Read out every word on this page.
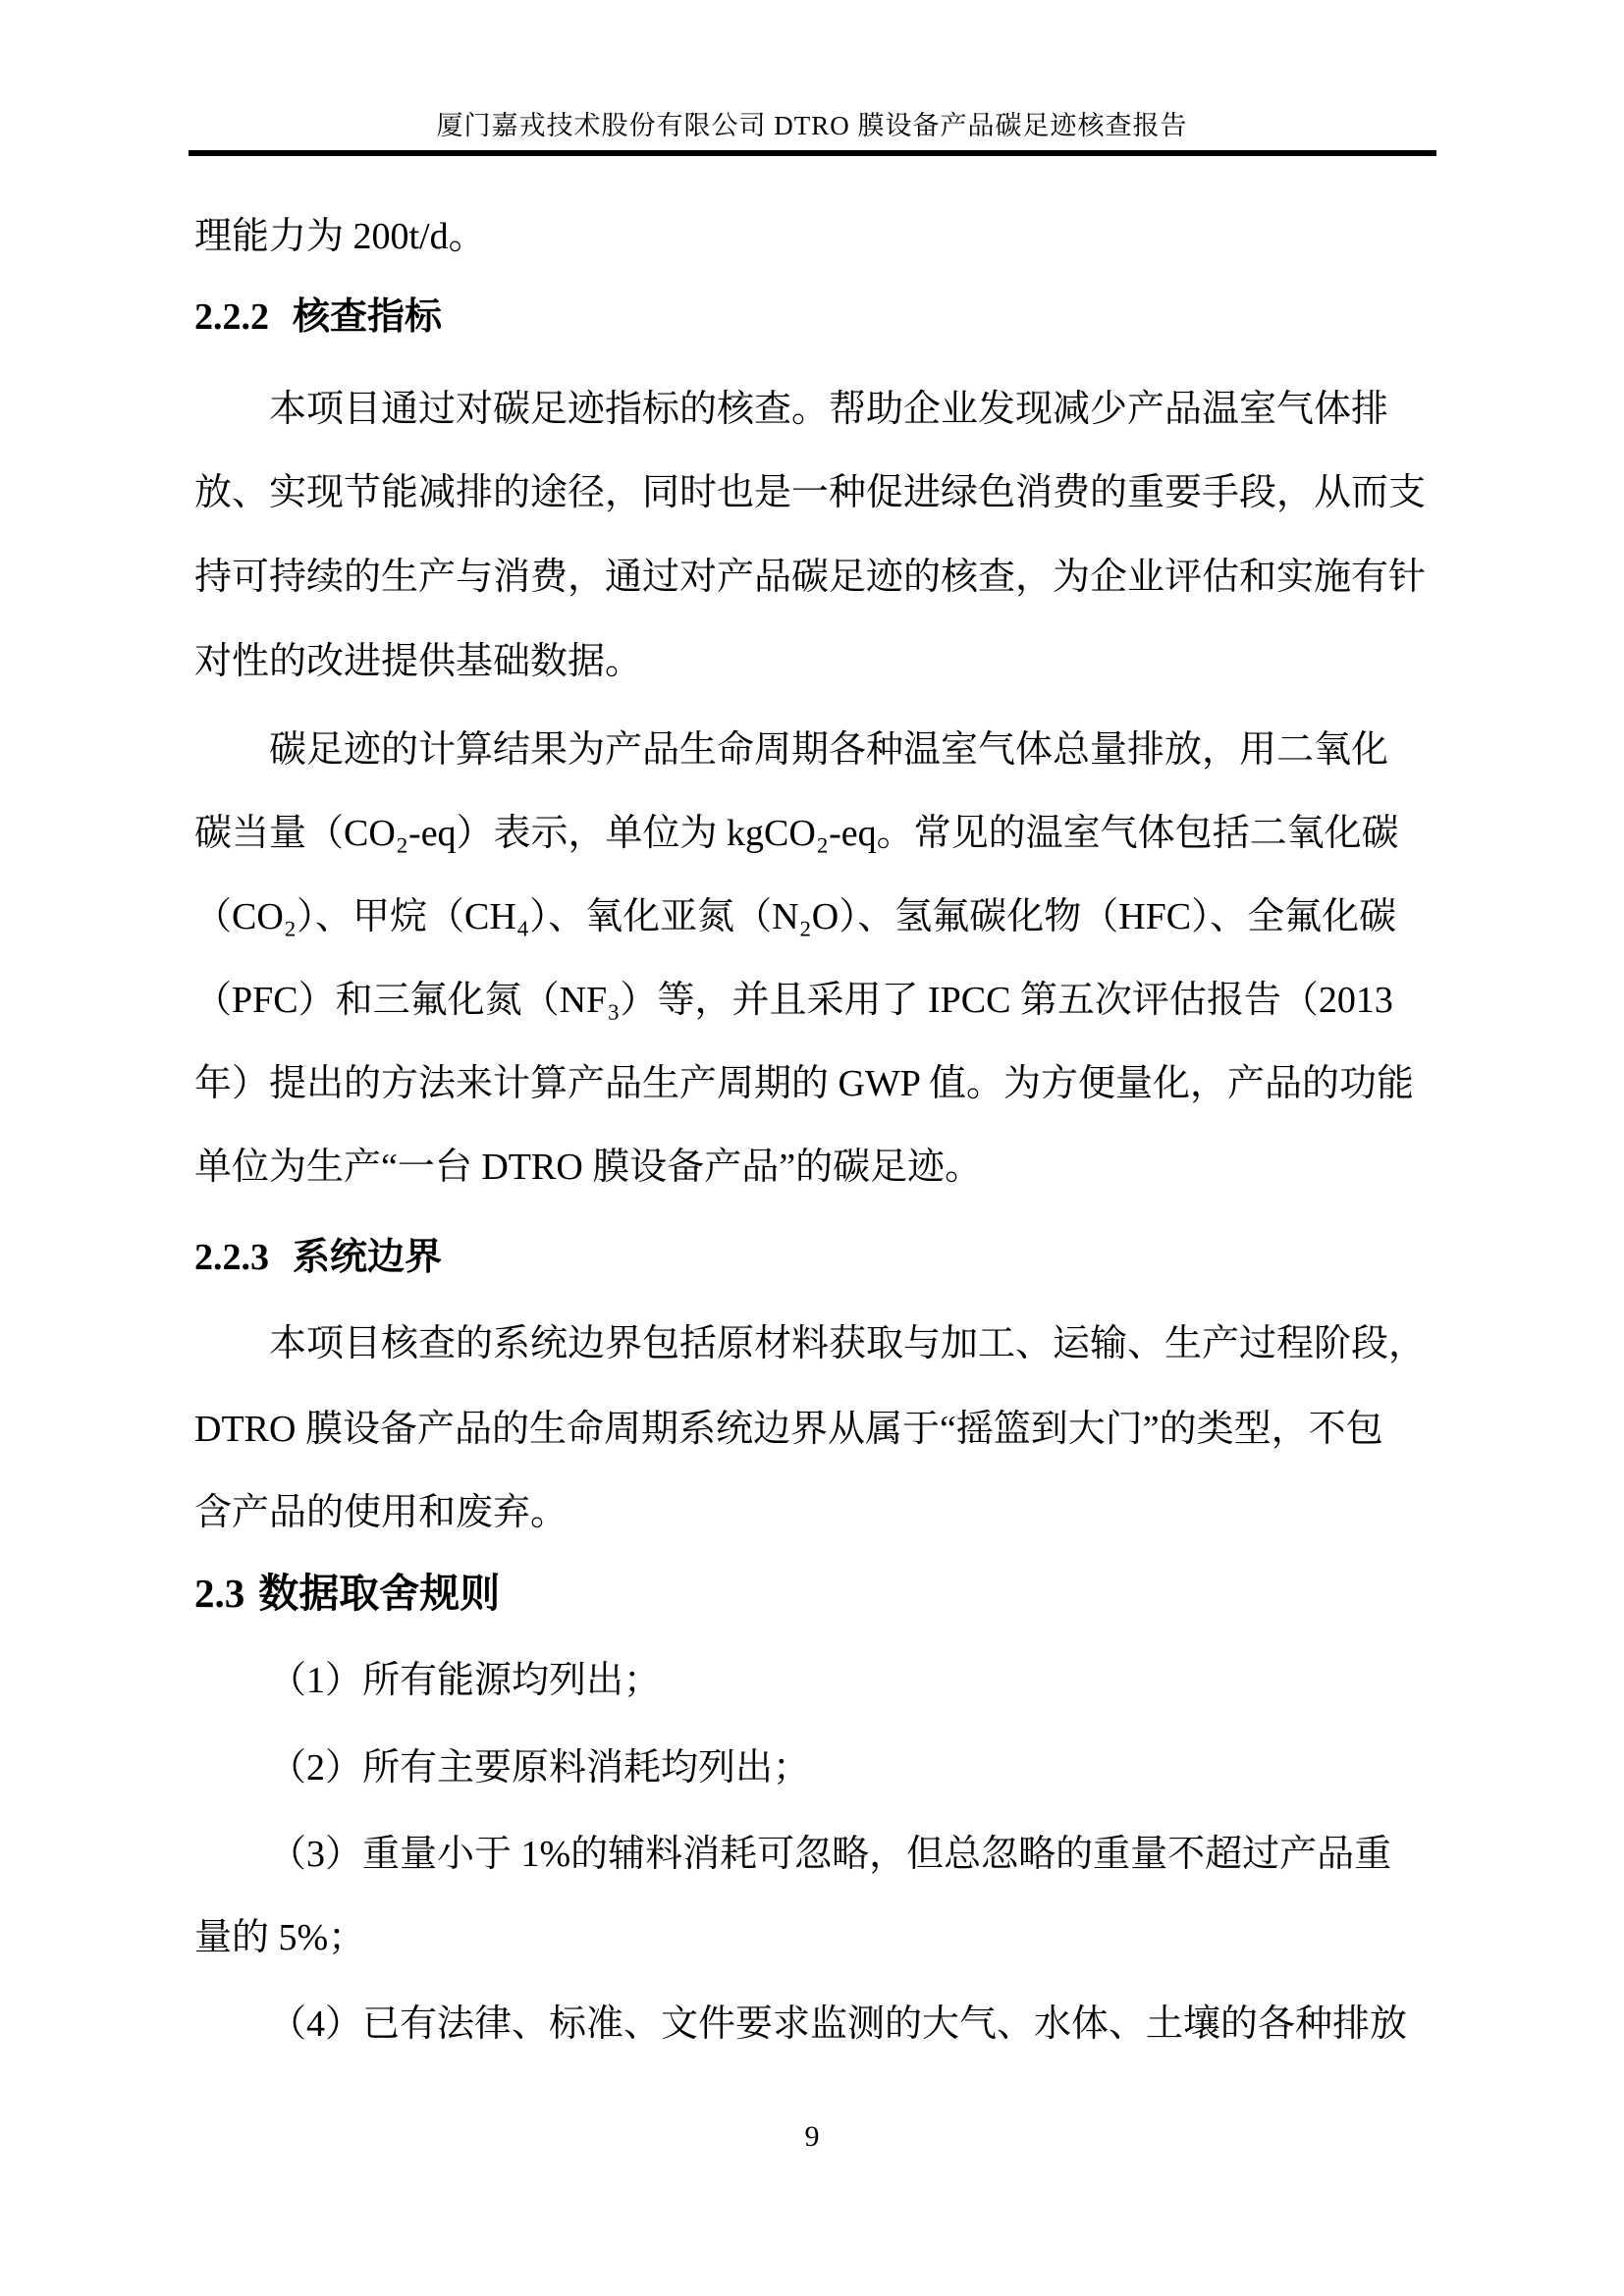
厦门嘉戎技术股份有限公司 DTRO 膜设备产品碳足迹核查报告
理能力为 200t/d。
2.2.2 核查指标
本项目通过对碳足迹指标的核查。帮助企业发现减少产品温室气体排
放、实现节能减排的途径，同时也是一种促进绿色消费的重要手段，从而支
持可持续的生产与消费，通过对产品碳足迹的核查，为企业评估和实施有针
对性的改进提供基础数据。
碳足迹的计算结果为产品生命周期各种温室气体总量排放，用二氧化
碳当量（CO₂-eq）表示，单位为 kgCO₂-eq。常见的温室气体包括二氧化碳
（CO₂）、甲烷（CH₄）、氧化亚氮（N₂O）、氢氟碳化物（HFC）、全氟化碳
（PFC）和三氟化氮（NF₃）等，并且采用了 IPCC 第五次评估报告（2013
年）提出的方法来计算产品生产周期的 GWP 值。为方便量化，产品的功能
单位为生产“一台 DTRO 膜设备产品”的碳足迹。
2.2.3 系统边界
本项目核查的系统边界包括原材料获取与加工、运输、生产过程阶段，
DTRO 膜设备产品的生命周期系统边界从属于“摇篮到大门”的类型，不包
含产品的使用和废弃。
2.3 数据取舍规则
（1）所有能源均列出；
（2）所有主要原料消耗均列出；
（3）重量小于 1%的辅料消耗可忽略，但总忽略的重量不超过产品重
量的 5%；
（4）已有法律、标准、文件要求监测的大气、水体、土壤的各种排放
9
